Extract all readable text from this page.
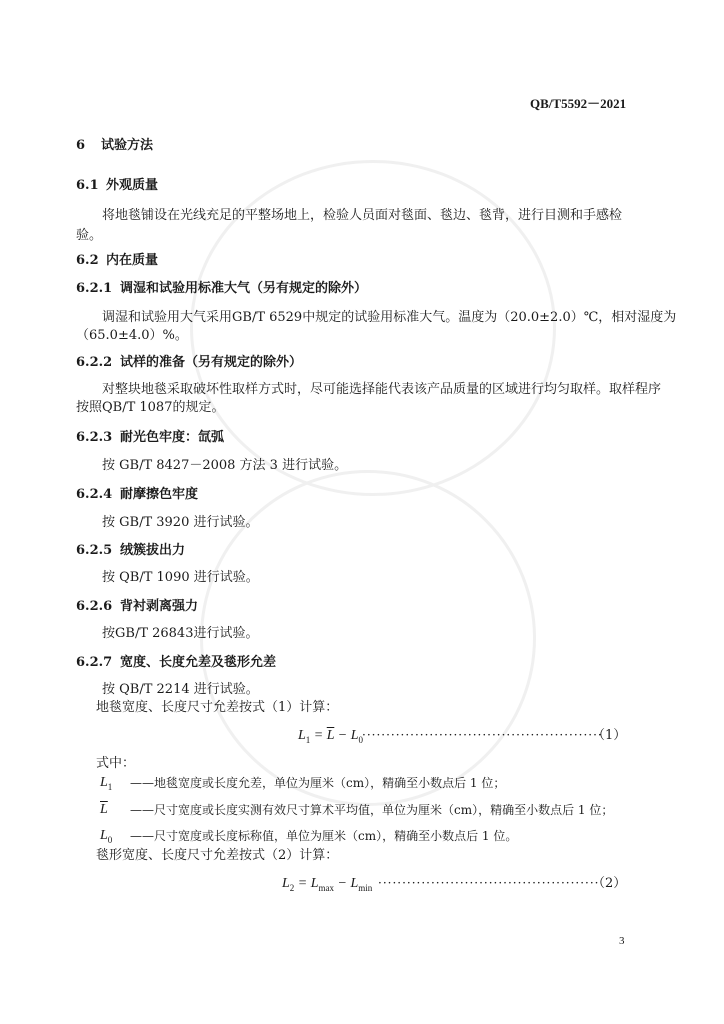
QB/T5592－2021
6 试验方法
6.1 外观质量
将地毯铺设在光线充足的平整场地上，检验人员面对毯面、毯边、毯背，进行目测和手感检
验。
6.2 内在质量
6.2.1 调湿和试验用标准大气（另有规定的除外）
调湿和试验用大气采用GB/T 6529中规定的试验用标准大气。温度为（20.0±2.0）℃，相对湿度为
（65.0±4.0）%。
6.2.2 试样的准备（另有规定的除外）
对整块地毯采取破坏性取样方式时，尽可能选择能代表该产品质量的区域进行均匀取样。取样程序
按照QB/T 1087的规定。
6.2.3 耐光色牢度：氙弧
按 GB/T 8427－2008 方法 3 进行试验。
6.2.4 耐摩擦色牢度
按 GB/T 3920 进行试验。
6.2.5 绒簇拔出力
按 QB/T 1090 进行试验。
6.2.6 背衬剥离强力
按GB/T 26843进行试验。
6.2.7 宽度、长度允差及毯形允差
按 QB/T 2214 进行试验。
地毯宽度、长度尺寸允差按式（1）计算：
$L_1 = \overline{L} - L_0$
··················································
（1）
式中：
$L_1$ ——地毯宽度或长度允差，单位为厘米（cm），精确至小数点后 1 位；
$\overline{L}$ ——尺寸宽度或长度实测有效尺寸算术平均值，单位为厘米（cm），精确至小数点后 1 位；
$L_0$ ——尺寸宽度或长度标称值，单位为厘米（cm），精确至小数点后 1 位。
毯形宽度、长度尺寸允差按式（2）计算：
$L_2 = L_{max} - L_{min}$ ··············································
（2）
3
